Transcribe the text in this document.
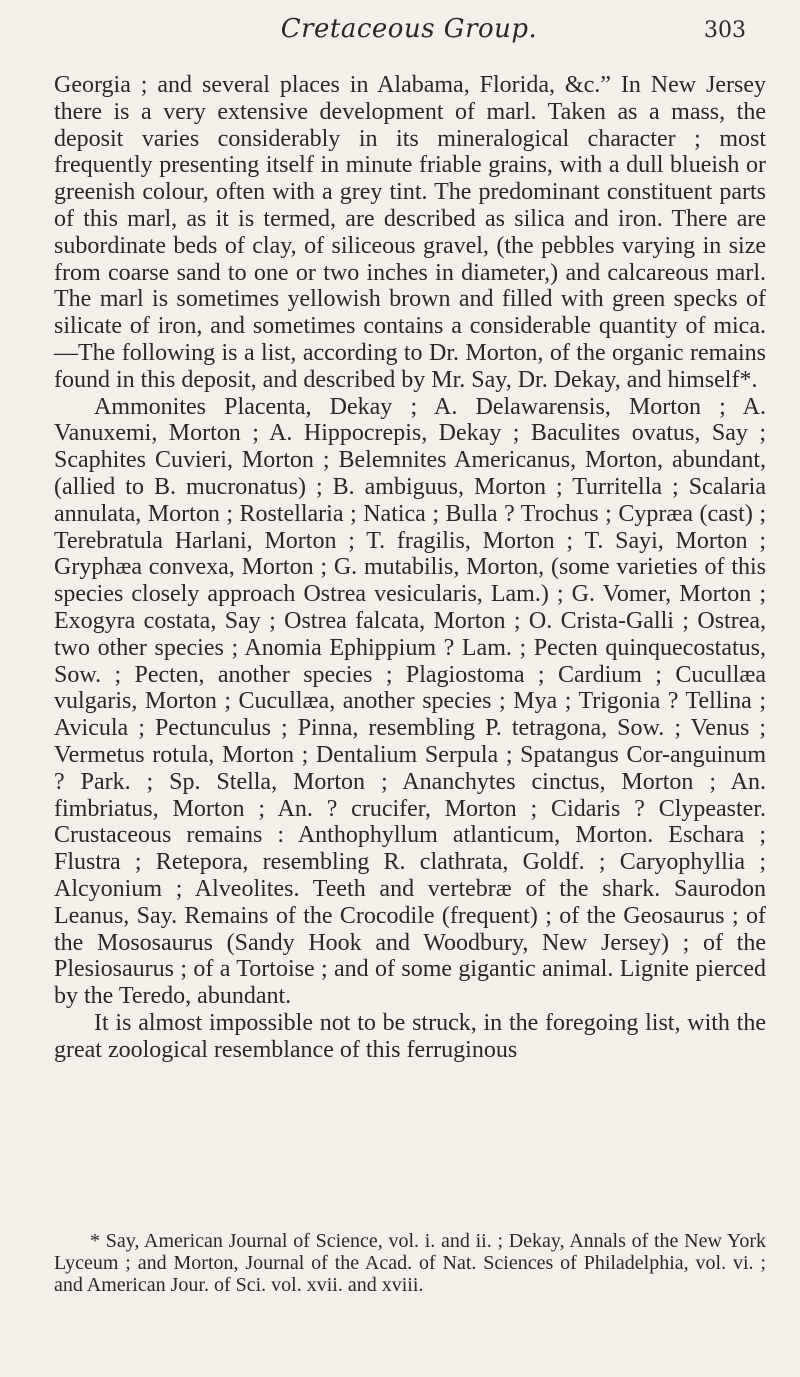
Cretaceous Group.	303

Georgia ; and several places in Alabama, Florida, &c.” In New Jersey there is a very extensive development of marl. Taken as a mass, the deposit varies considerably in its mineralogical character ; most frequently presenting itself in minute friable grains, with a dull blueish or greenish colour, often with a grey tint. The predominant constituent parts of this marl, as it is termed, are described as silica and iron. There are subordinate beds of clay, of siliceous gravel, (the pebbles varying in size from coarse sand to one or two inches in diameter,) and calcareous marl. The marl is sometimes yellowish brown and filled with green specks of silicate of iron, and sometimes contains a considerable quantity of mica.—The following is a list, according to Dr. Morton, of the organic remains found in this deposit, and described by Mr. Say, Dr. Dekay, and himself*.

Ammonites Placenta, Dekay ; A. Delawarensis, Morton ; A. Vanuxemi, Morton ; A. Hippocrepis, Dekay ; Baculites ovatus, Say ; Scaphites Cuvieri, Morton ; Belemnites Americanus, Morton, abundant, (allied to B. mucronatus) ; B. ambiguus, Morton ; Turritella ; Scalaria annulata, Morton ; Rostellaria ; Natica ; Bulla ? Trochus ; Cypræa (cast) ; Terebratula Harlani, Morton ; T. fragilis, Morton ; T. Sayi, Morton ; Gryphæa convexa, Morton ; G. mutabilis, Morton, (some varieties of this species closely approach Ostrea vesicularis, Lam.) ; G. Vomer, Morton ; Exogyra costata, Say ; Ostrea falcata, Morton ; O. Crista-Galli ; Ostrea, two other species ; Anomia Ephippium ? Lam. ; Pecten quinquecostatus, Sow. ; Pecten, another species ; Plagiostoma ; Cardium ; Cucullæa vulgaris, Morton ; Cucullæa, another species ; Mya ; Trigonia ? Tellina ; Avicula ; Pectunculus ; Pinna, resembling P. tetragona, Sow. ; Venus ; Vermetus rotula, Morton ; Dentalium Serpula ; Spatangus Cor-anguinum ? Park. ; Sp. Stella, Morton ; Ananchytes cinctus, Morton ; An. fimbriatus, Morton ; An. ? crucifer, Morton ; Cidaris ? Clypeaster. Crustaceous remains : Anthophyllum atlanticum, Morton. Eschara ; Flustra ; Retepora, resembling R. clathrata, Goldf. ; Caryophyllia ; Alcyonium ; Alveolites. Teeth and vertebræ of the shark. Saurodon Leanus, Say. Remains of the Crocodile (frequent) ; of the Geosaurus ; of the Mososaurus (Sandy Hook and Woodbury, New Jersey) ; of the Plesiosaurus ; of a Tortoise ; and of some gigantic animal. Lignite pierced by the Teredo, abundant.

It is almost impossible not to be struck, in the foregoing list, with the great zoological resemblance of this ferruginous

* Say, American Journal of Science, vol. i. and ii. ; Dekay, Annals of the New York Lyceum ; and Morton, Journal of the Acad. of Nat. Sciences of Philadelphia, vol. vi. ; and American Jour. of Sci. vol. xvii. and xviii.
